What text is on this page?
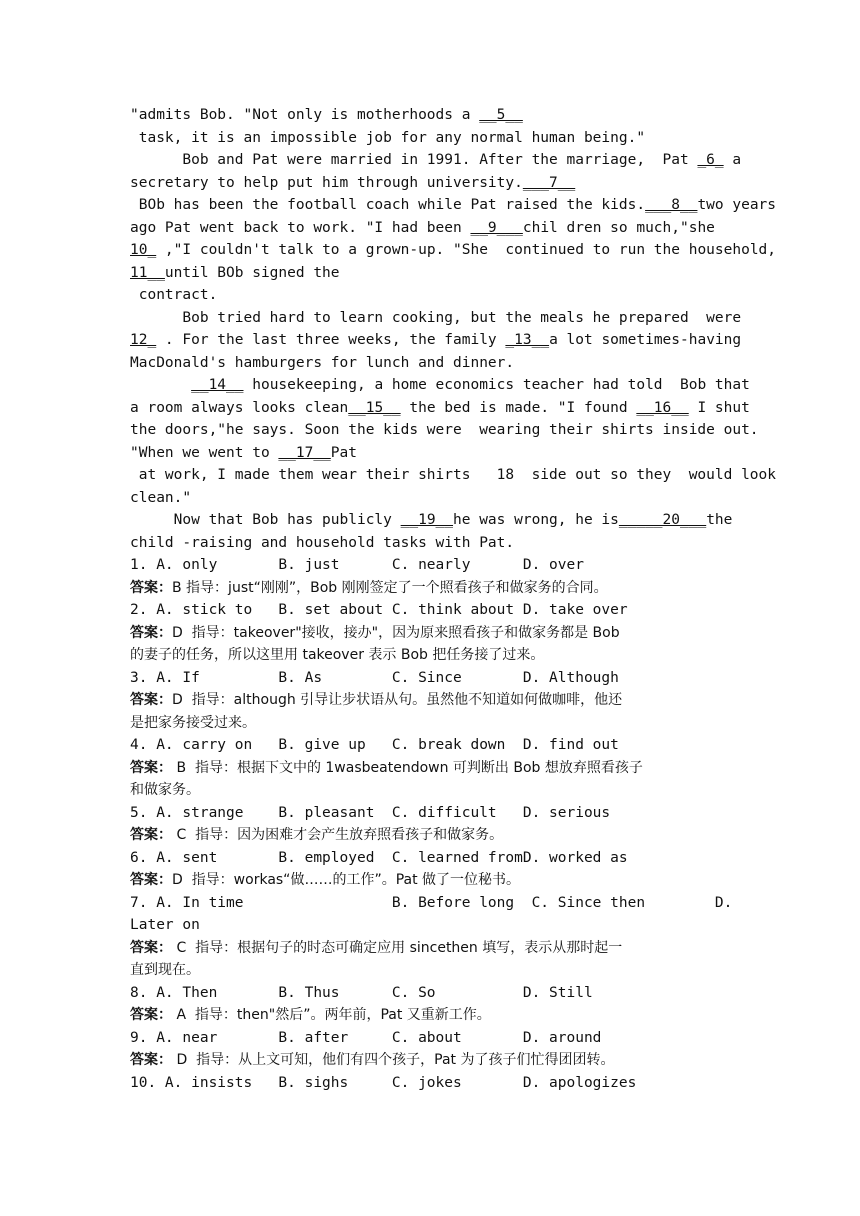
"admits Bob. "Not only is motherhoods a __5__
task, it is an impossible job for any normal human being."
Bob and Pat were married in 1991. After the marriage,  Pat _6_ a
secretary to help put him through university.___7__
BOb has been the football coach while Pat raised the kids.___8__two years
ago Pat went back to work. "I had been __9___chil dren so much,"she
10_ ,"I couldn't talk to a grown-up. "She  continued to run the household,
11__until BOb signed the
contract.
Bob tried hard to learn cooking, but the meals he prepared  were
12_ . For the last three weeks, the family _13__a lot sometimes-having
MacDonald's hamburgers for lunch and dinner.
__14__ housekeeping, a home economics teacher had told  Bob that
a room always looks clean__15__ the bed is made. "I found __16__ I shut
the doors,"he says. Soon the kids were  wearing their shirts inside out.
"When we went to __17__Pat
at work, I made them wear their shirts   18  side out so they  would look
clean."
Now that Bob has publicly __19__he was wrong, he is_____20___the
child -raising and household tasks with Pat.
1. A. only       B. just      C. nearly      D. over
答案：B 指导：just“刚刚”，Bob 刚刚签定了一个照看孩子和做家务的合同。
2. A. stick to   B. set about C. think about D. take over
答案：D  指导：takeover"接收，接办"，因为原来照看孩子和做家务都是 Bob
的妻子的任务，所以这里用 takeover 表示 Bob 把任务接了过来。
3. A. If         B. As        C. Since       D. Although
答案：D  指导：although 引导让步状语从句。虽然他不知道如何做咖啡，他还
是把家务接受过来。
4. A. carry on   B. give up   C. break down  D. find out
答案： B  指导：根据下文中的 1wasbeatendown 可判断出 Bob 想放弃照看孩子
和做家务。
5. A. strange    B. pleasant  C. difficult   D. serious
答案： C  指导：因为困难才会产生放弃照看孩子和做家务。
6. A. sent       B. employed  C. learned fromD. worked as
答案：D  指导：workas“做……的工作”。Pat 做了一位秘书。
7. A. In time                 B. Before long  C. Since then        D.
Later on
答案： C  指导：根据句子的时态可确定应用 sincethen 填写，表示从那时起一
直到现在。
8. A. Then       B. Thus      C. So          D. Still
答案： A  指导：then"然后”。两年前，Pat 又重新工作。
9. A. near       B. after     C. about       D. around
答案： D  指导：从上文可知，他们有四个孩子，Pat 为了孩子们忙得团团转。
10. A. insists   B. sighs     C. jokes       D. apologizes
